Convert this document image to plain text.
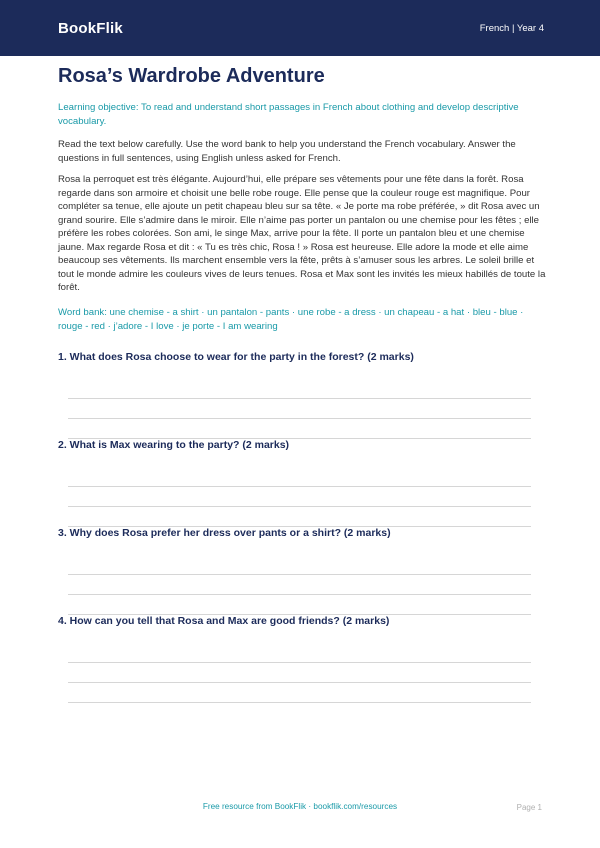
BookFlik	French | Year 4
Rosa’s Wardrobe Adventure

Learning objective: To read and understand short passages in French about clothing and develop descriptive vocabulary.

Read the text below carefully. Use the word bank to help you understand the French vocabulary. Answer the questions in full sentences, using English unless asked for French.

Rosa la perroquet est très élégante. Aujourd’hui, elle prépare ses vêtements pour une fête dans la forêt. Rosa regarde dans son armoire et choisit une belle robe rouge. Elle pense que la couleur rouge est magnifique. Pour compléter sa tenue, elle ajoute un petit chapeau bleu sur sa tête. « Je porte ma robe préférée, » dit Rosa avec un grand sourire. Elle s’admire dans le miroir. Elle n’aime pas porter un pantalon ou une chemise pour les fêtes ; elle préfère les robes colorées. Son ami, le singe Max, arrive pour la fête. Il porte un pantalon bleu et une chemise jaune. Max regarde Rosa et dit : « Tu es très chic, Rosa ! » Rosa est heureuse. Elle adore la mode et elle aime beaucoup ses vêtements. Ils marchent ensemble vers la fête, prêts à s’amuser sous les arbres. Le soleil brille et tout le monde admire les couleurs vives de leurs tenues. Rosa et Max sont les invités les mieux habillés de toute la forêt.

Word bank: une chemise - a shirt · un pantalon - pants · une robe - a dress · un chapeau - a hat · bleu - blue · rouge - red · j’adore - I love · je porte - I am wearing

1. What does Rosa choose to wear for the party in the forest? (2 marks)
2. What is Max wearing to the party? (2 marks)
3. Why does Rosa prefer her dress over pants or a shirt? (2 marks)
4. How can you tell that Rosa and Max are good friends? (2 marks)
Free resource from BookFlik · bookflik.com/resources	Page 1
